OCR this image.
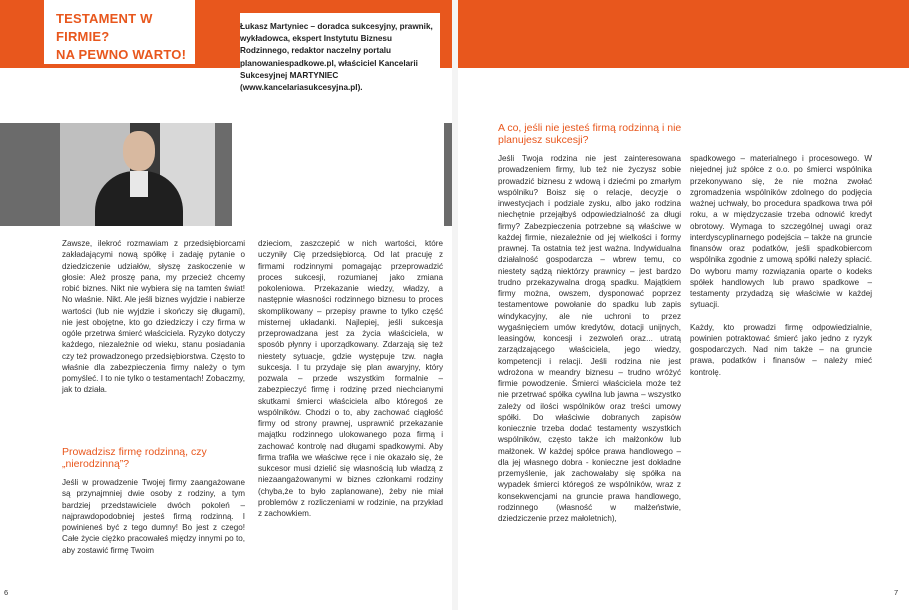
TESTAMENT W FIRMIE?
NA PEWNO WARTO!
Łukasz Martyniec – doradca sukcesyjny, prawnik, wykładowca, ekspert Instytutu Biznesu Rodzinnego, redaktor naczelny portalu planowaniespadkowe.pl, właściciel Kancelarii Sukcesyjnej MARTYNIEC (www.kancelariasukcesyjna.pl).

Zawsze, ilekroć rozmawiam z przedsiębiorcami zakładającymi nową spółkę i zadaję pytanie o dziedziczenie udziałów, słyszę zaskoczenie w głosie: Ależ proszę pana, my przecież chcemy robić biznes. Nikt nie wybiera się na tamten świat! No właśnie. Nikt. Ale jeśli biznes wyjdzie i nabierze wartości (lub nie wyjdzie i skończy się długami), nie jest obojętne, kto go dziedziczy i czy firma w ogóle przetrwa śmierć właściciela. Ryzyko dotyczy każdego, niezależnie od wieku, stanu posiadania czy też prowadzonego przedsiębiorstwa. Często to właśnie dla zabezpieczenia firmy należy o tym pomyśleć. I to nie tylko o testamentach! Zobaczmy, jak to działa.

Prowadzisz firmę rodzinną, czy „nierodzinną”?

Jeśli w prowadzenie Twojej firmy zaangażowane są przynajmniej dwie osoby z rodziny, a tym bardziej przedstawiciele dwóch pokoleń – najprawdopodobniej jesteś firmą rodzinną. I powinieneś być z tego dumny! Bo jest z czego! Całe życie ciężko pracowałeś między innymi po to, aby zostawić firmę Twoim

dzieciom, zaszczepić w nich wartości, które uczyniły Cię przedsiębiorcą. Od lat pracuję z firmami rodzinnymi pomagając przeprowadzić proces sukcesji, rozumianej jako zmiana pokoleniowa. Przekazanie wiedzy, władzy, a następnie własności rodzinnego biznesu to proces skomplikowany – przepisy prawne to tylko część misternej układanki. Najlepiej, jeśli sukcesja przeprowadzana jest za życia właściciela, w sposób płynny i uporządkowany. Zdarzają się też niestety sytuacje, gdzie występuje tzw. nagła sukcesja. I tu przydaje się plan awaryjny, który pozwala – przede wszystkim formalnie – zabezpieczyć firmę i rodzinę przed niechcianymi skutkami śmierci właściciela albo któregoś ze wspólników. Chodzi o to, aby zachować ciągłość firmy od strony prawnej, usprawnić przekazanie majątku rodzinnego ulokowanego poza firmą i zachować kontrolę nad długami spadkowymi. Aby firma trafiła we właściwe ręce i nie okazało się, że sukcesor musi dzielić się własnością lub władzą z niezaangażowanymi w biznes członkami rodziny (chyba,że to było zaplanowane), żeby nie miał problemów z rozliczeniami w rodzinie, na przykład z zachowkiem.

A co, jeśli nie jesteś firmą rodzinną i nie planujesz sukcesji?

Jeśli Twoja rodzina nie jest zainteresowana prowadzeniem firmy, lub też nie życzysz sobie prowadzić biznesu z wdową i dziećmi po zmarłym wspólniku? Boisz się o relacje, decyzje o inwestycjach i podziale zysku, albo jako rodzina niechętnie przejąłbyś odpowiedzialność za długi firmy? Zabezpieczenia potrzebne są właściwe w każdej firmie, niezależnie od jej wielkości i formy prawnej. Ta ostatnia też jest ważna. Indywidualna działalność gospodarcza – wbrew temu, co niestety sądzą niektórzy prawnicy – jest bardzo trudno przekazywalna drogą spadku. Majątkiem firmy można, owszem, dysponować poprzez testamentowe powołanie do spadku lub zapis windykacyjny, ale nie uchroni to przez wygaśnięciem umów kredytów, dotacji unijnych, leasingów, koncesji i zezwoleń oraz... utratą zarządzającego właściciela, jego wiedzy, kompetencji i relacji. Jeśli rodzina nie jest wdrożona w meandry biznesu – trudno wróżyć firmie powodzenie. Śmierci właściciela może też nie przetrwać spółka cywilna lub jawna – wszystko zależy od ilości wspólników oraz treści umowy spółki. Do właściwie dobranych zapisów koniecznie trzeba dodać testamenty wszystkich wspólników, często także ich małżonków lub małżonek. W każdej spółce prawa handlowego – dla jej własnego dobra - konieczne jest dokładne przemyślenie, jak zachowałaby się spółka na wypadek śmierci któregoś ze wspólników, wraz z konsekwencjami na gruncie prawa handlowego, rodzinnego (własność w małżeństwie, dziedziczenie przez małoletnich),

spadkowego – materialnego i procesowego. W niejednej już spółce z o.o. po śmierci wspólnika przekonywano się, że nie można zwołać zgromadzenia wspólników zdolnego do podjęcia ważnej uchwały, bo procedura spadkowa trwa pół roku, a w międzyczasie trzeba odnowić kredyt obrotowy. Wymaga to szczególnej uwagi oraz interdyscyplinarnego podejścia – także na gruncie finansów oraz podatków, jeśli spadkobiercom wspólnika zgodnie z umową spółki należy spłacić. Do wyboru mamy rozwiązania oparte o kodeks spółek handlowych lub prawo spadkowe – testamenty przydadzą się właściwie w każdej sytuacji.

Każdy, kto prowadzi firmę odpowiedzialnie, powinien potraktować śmierć jako jedno z ryzyk gospodarczych. Nad nim także – na gruncie prawa, podatków i finansów – należy mieć kontrolę.

6	7
